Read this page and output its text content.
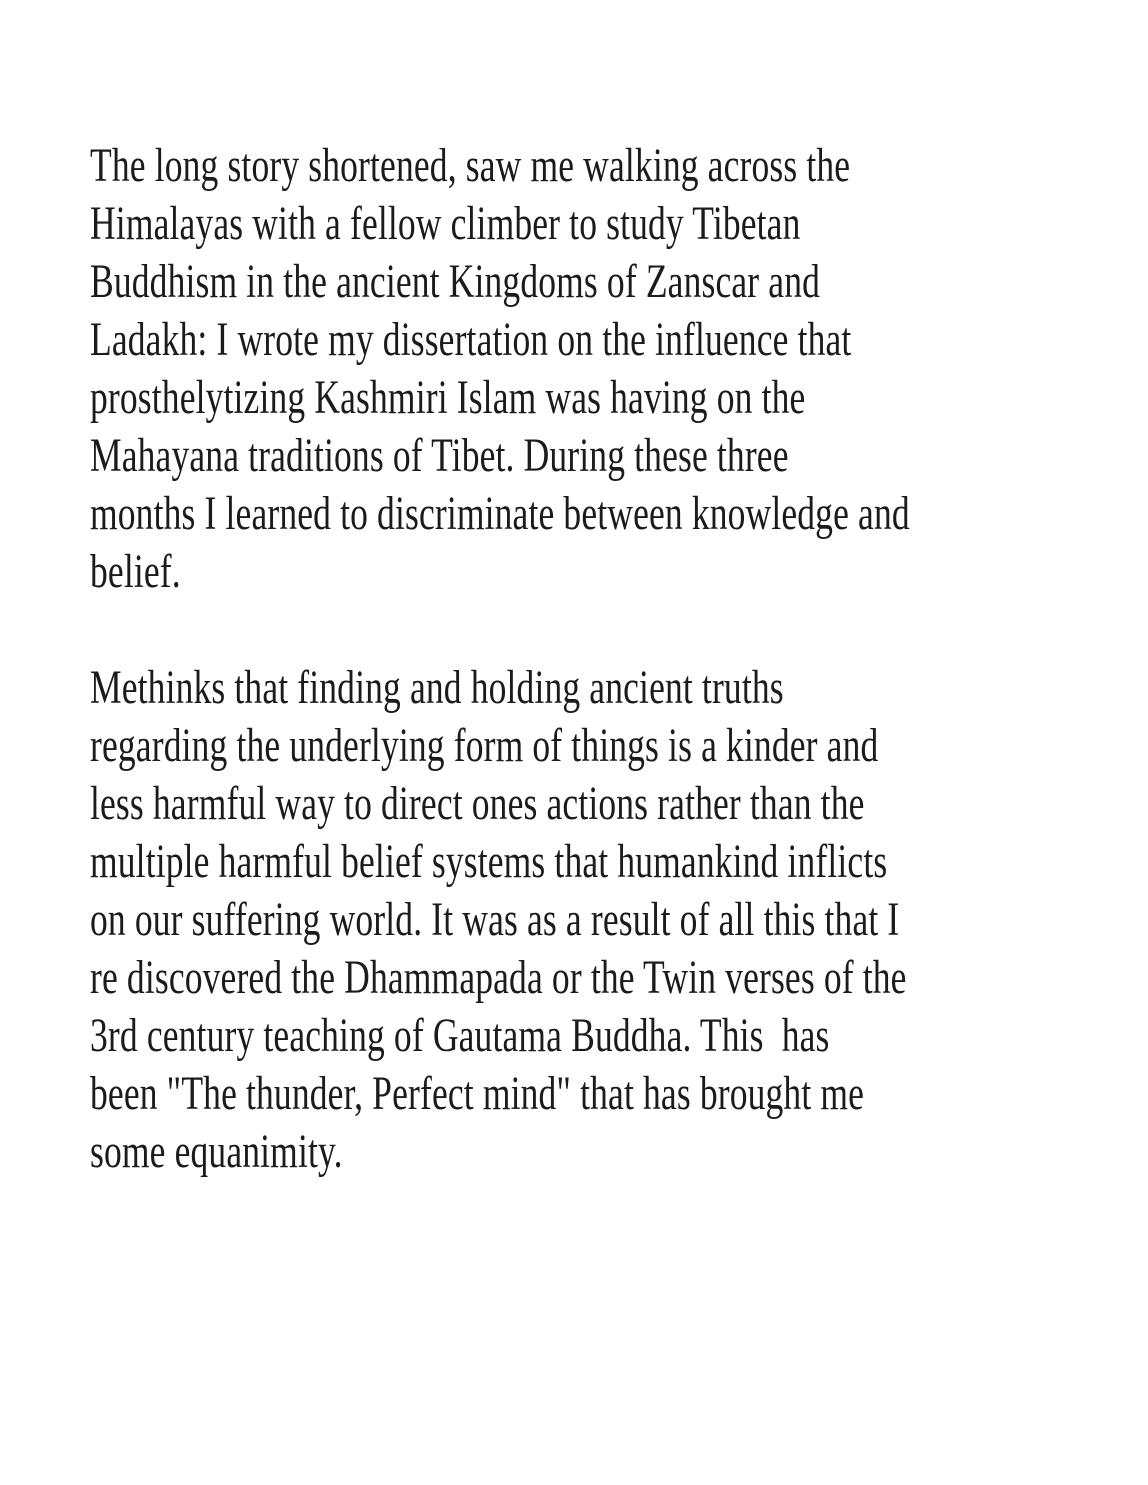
The long story shortened, saw me walking across the
Himalayas with a fellow climber to study Tibetan
Buddhism in the ancient Kingdoms of Zanscar and
Ladakh: I wrote my dissertation on the influence that
prosthelytizing Kashmiri Islam was having on the
Mahayana traditions of Tibet. During these three
months I learned to discriminate between knowledge and
belief.
Methinks that finding and holding ancient truths
regarding the underlying form of things is a kinder and
less harmful way to direct ones actions rather than the
multiple harmful belief systems that humankind inflicts
on our suffering world. It was as a result of all this that I
re discovered the Dhammapada or the Twin verses of the
3rd century teaching of Gautama Buddha. This  has
been "The thunder, Perfect mind" that has brought me
some equanimity.
